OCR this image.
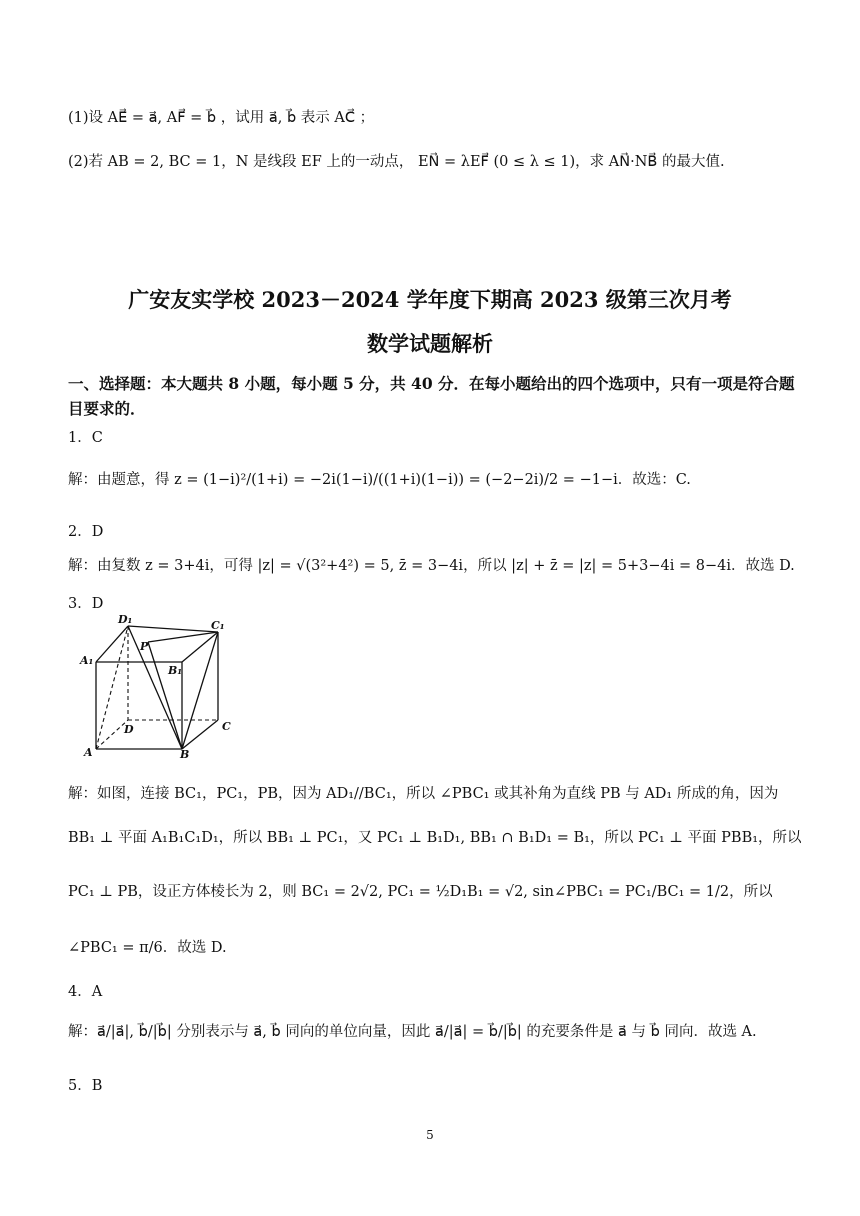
(1)设 AE⃗ = a⃗, AF⃗ = b⃗ ，试用 a⃗, b⃗ 表示 AC⃗ ；
(2)若 AB = 2, BC = 1，N 是线段 EF 上的一动点， EN⃗ = λEF⃗ (0 ≤ λ ≤ 1)，求 AN⃗·NB⃗ 的最大值.
广安友实学校 2023－2024 学年度下期高 2023 级第三次月考
数学试题解析
一、选择题：本大题共 8 小题，每小题 5 分，共 40 分．在每小题给出的四个选项中，只有一项是符合题目要求的．
1．C
解：由题意，得 z = (1−i)²/(1+i) = −2i(1−i)/((1+i)(1−i)) = (−2−2i)/2 = −1−i．故选：C.
2．D
解：由复数 z = 3+4i，可得 |z| = √(3²+4²) = 5, z̄ = 3−4i，所以 |z| + z̄ = |z| = 5+3−4i = 8−4i．故选 D.
3．D
D₁	C₁
A₁
P
B₁
D	C
A	B
解：如图，连接 BC₁，PC₁，PB，因为 AD₁//BC₁，所以 ∠PBC₁ 或其补角为直线 PB 与 AD₁ 所成的角，因为
BB₁ ⊥ 平面 A₁B₁C₁D₁，所以 BB₁ ⊥ PC₁，又 PC₁ ⊥ B₁D₁, BB₁ ∩ B₁D₁ = B₁，所以 PC₁ ⊥ 平面 PBB₁，所以
PC₁ ⊥ PB，设正方体棱长为 2，则 BC₁ = 2√2, PC₁ = ½D₁B₁ = √2, sin∠PBC₁ = PC₁/BC₁ = 1/2，所以
∠PBC₁ = π/6．故选 D.
4．A
解：a⃗/|a⃗|, b⃗/|b⃗| 分别表示与 a⃗, b⃗ 同向的单位向量，因此 a⃗/|a⃗| = b⃗/|b⃗| 的充要条件是 a⃗ 与 b⃗ 同向．故选 A.
5．B
5
